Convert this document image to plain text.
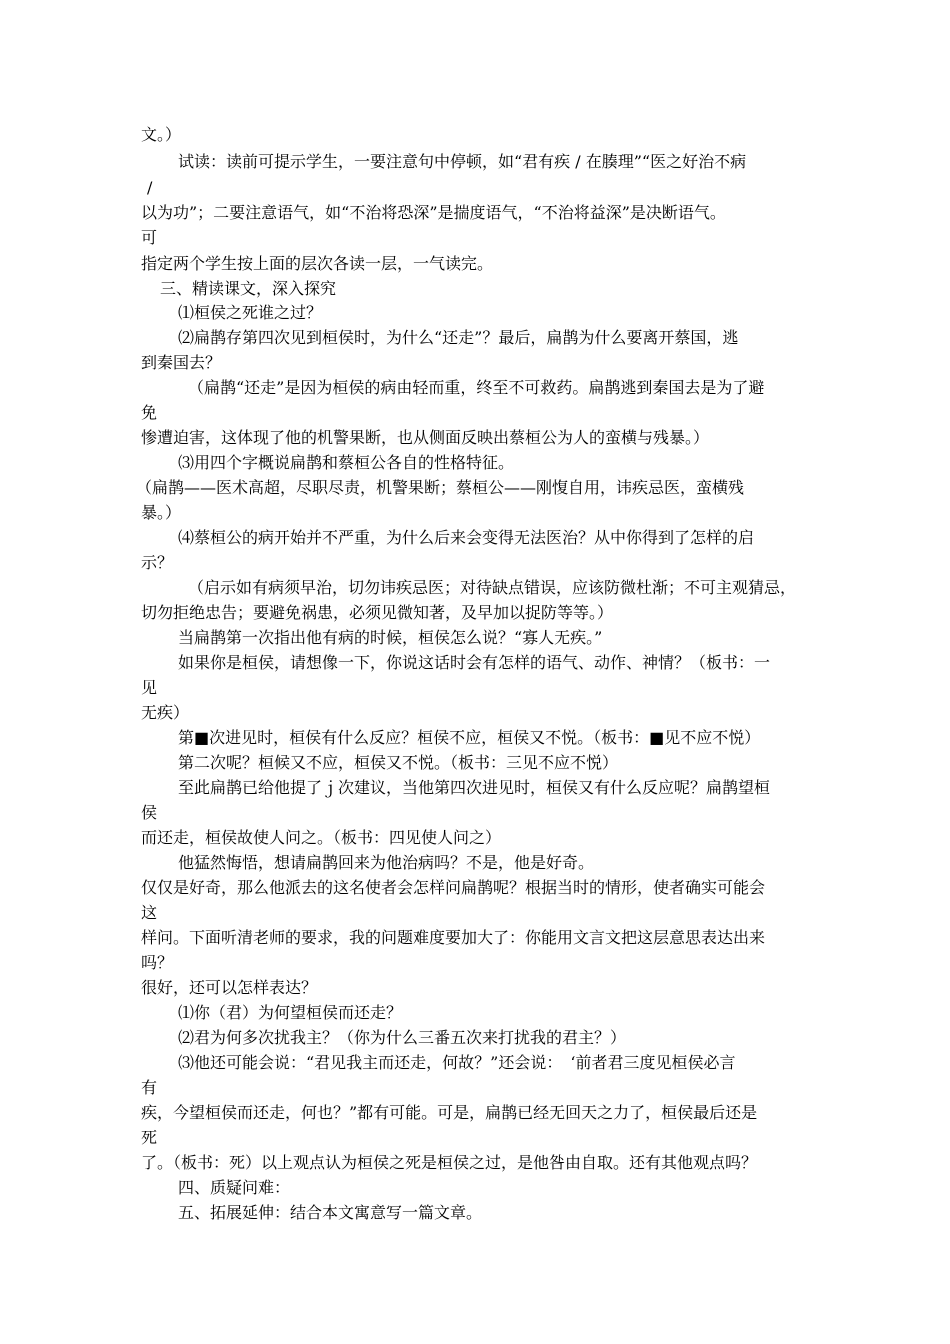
文。）
试读：读前可提示学生，一要注意句中停顿，如“君有疾 / 在腠理”“医之好治不病
/
以为功”；二要注意语气，如“不治将恐深”是揣度语气，“不治将益深”是决断语气。
可
指定两个学生按上面的层次各读一层，一气读完。
三、精读课文，深入探究
⑴桓侯之死谁之过？
⑵扁鹊存第四次见到桓侯时，为什么“还走”？最后，扁鹊为什么要离开蔡国，逃
到秦国去？
（扁鹊“还走”是因为桓侯的病由轻而重，终至不可救药。扁鹊逃到秦国去是为了避
免
惨遭迫害，这体现了他的机警果断，也从侧面反映出蔡桓公为人的蛮横与残暴。）
⑶用四个字概说扁鹊和蔡桓公各自的性格特征。
（扁鹊——医术高超，尽职尽责，机警果断；蔡桓公——刚愎自用，讳疾忌医，蛮横残
暴。）
⑷蔡桓公的病开始并不严重，为什么后来会变得无法医治？从中你得到了怎样的启
示？
（启示如有病须早治，切勿讳疾忌医；对待缺点错误，应该防微杜渐；不可主观猜忌，
切勿拒绝忠告；要避免祸患，必须见微知著，及早加以捉防等等。）
当扁鹊第一次指出他有病的时候，桓侯怎么说？“寡人无疾。”
如果你是桓侯，请想像一下，你说这话时会有怎样的语气、动作、神情？（板书：一
见
无疾）
第■次进见时，桓侯有什么反应？桓侯不应，桓侯又不悦。（板书：■见不应不悦）
第二次呢？桓候又不应，桓侯又不悦。（板书：三见不应不悦）
至此扁鹊已给他提了ｊ次建议，当他第四次进见时，桓侯又有什么反应呢？扁鹊望桓
侯
而还走，桓侯故使人问之。（板书：四见使人问之）
他猛然悔悟，想请扁鹊回来为他治病吗？不是，他是好奇。
仅仅是好奇，那么他派去的这名使者会怎样问扁鹊呢？根据当时的情形，使者确实可能会
这
样问。下面听清老师的要求，我的问题难度要加大了：你能用文言文把这层意思表达出来
吗？
很好，还可以怎样表达？
⑴你（君）为何望桓侯而还走？
⑵君为何多次扰我主？（你为什么三番五次来打扰我的君主？）
⑶他还可能会说：“君见我主而还走，何故？”还会说：　‘前者君三度见桓侯必言
有
疾，今望桓侯而还走，何也？”都有可能。可是，扁鹊已经无回天之力了，桓侯最后还是
死
了。（板书：死）以上观点认为桓侯之死是桓侯之过，是他咎由自取。还有其他观点吗？
四、质疑问难：
五、拓展延伸：结合本文寓意写一篇文章。
